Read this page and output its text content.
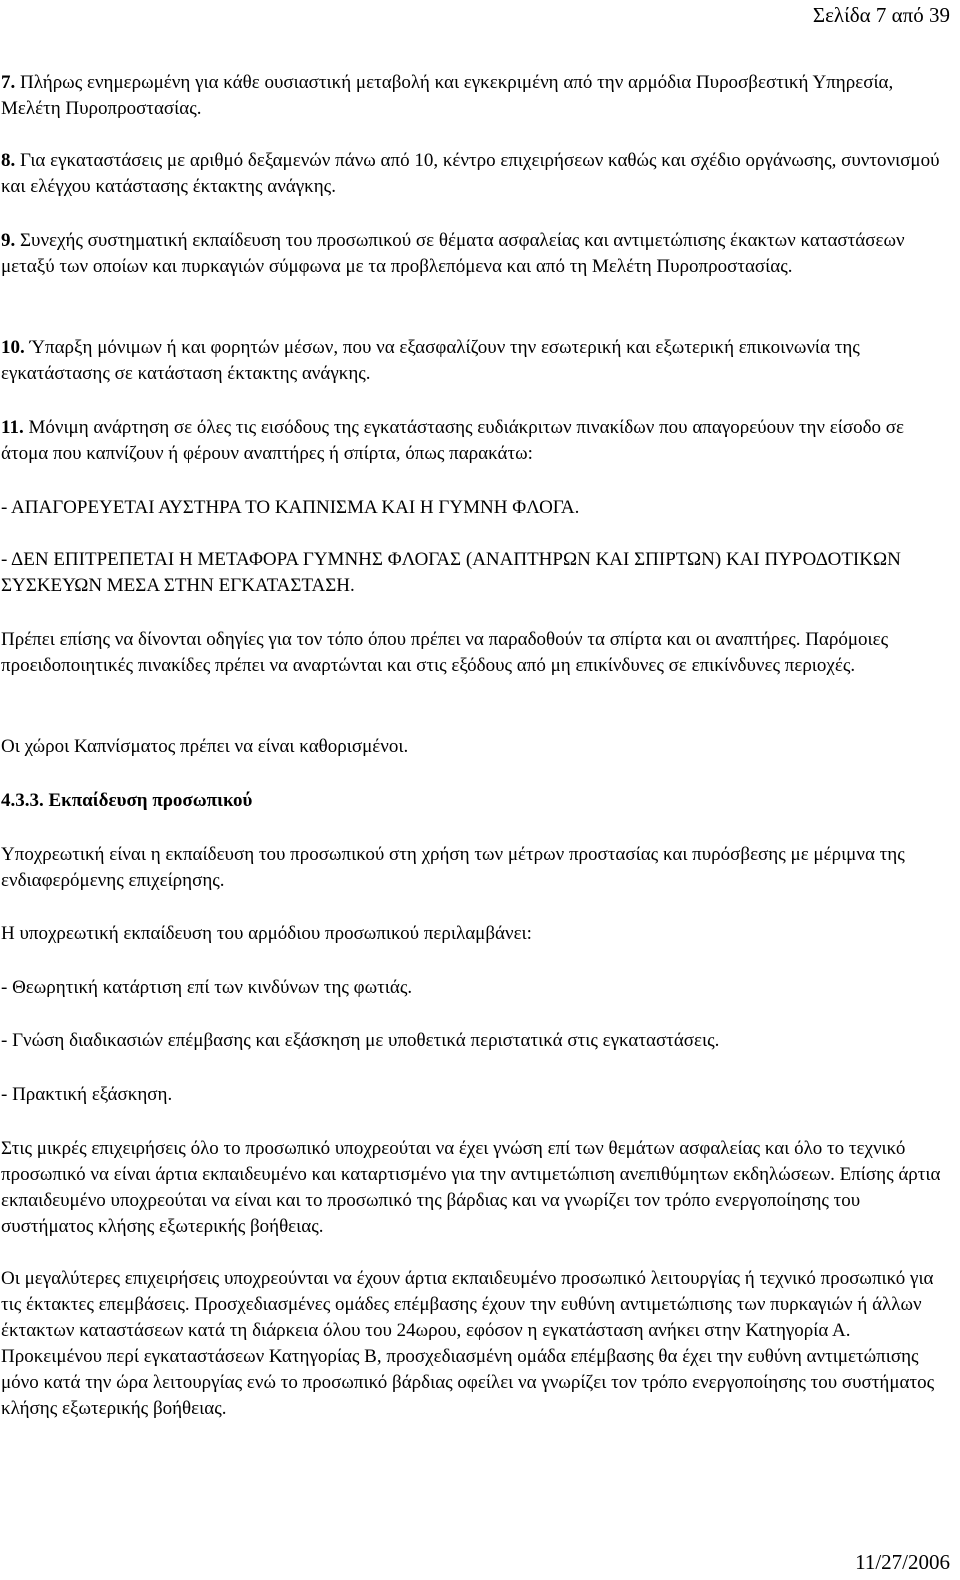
Σελίδα 7 από 39

7. Πλήρως ενημερωμένη για κάθε ουσιαστική μεταβολή και εγκεκριμένη από την αρμόδια Πυροσβεστική Υπηρεσία, Μελέτη Πυροπροστασίας.

8. Για εγκαταστάσεις με αριθμό δεξαμενών πάνω από 10, κέντρο επιχειρήσεων καθώς και σχέδιο οργάνωσης, συντονισμού και ελέγχου κατάστασης έκτακτης ανάγκης.

9. Συνεχής συστηματική εκπαίδευση του προσωπικού σε θέματα ασφαλείας και αντιμετώπισης έκακτων καταστάσεων μεταξύ των οποίων και πυρκαγιών σύμφωνα με τα προβλεπόμενα και από τη Μελέτη Πυροπροστασίας.

10. Ύπαρξη μόνιμων ή και φορητών μέσων, που να εξασφαλίζουν την εσωτερική και εξωτερική επικοινωνία της εγκατάστασης σε κατάσταση έκτακτης ανάγκης.

11. Μόνιμη ανάρτηση σε όλες τις εισόδους της εγκατάστασης ευδιάκριτων πινακίδων που απαγορεύουν την είσοδο σε άτομα που καπνίζουν ή φέρουν αναπτήρες ή σπίρτα, όπως παρακάτω:

- ΑΠΑΓΟΡΕΥΕΤΑΙ ΑΥΣΤΗΡΑ ΤΟ ΚΑΠΝΙΣΜΑ ΚΑΙ Η ΓΥΜΝΗ ΦΛΟΓΑ.

- ΔΕΝ ΕΠΙΤΡΕΠΕΤΑΙ Η ΜΕΤΑΦΟΡΑ ΓΥΜΝΗΣ ΦΛΟΓΑΣ (ΑΝΑΠΤΗΡΩΝ ΚΑΙ ΣΠΙΡΤΩΝ) ΚΑΙ ΠΥΡΟΔΟΤΙΚΩΝ ΣΥΣΚΕΥΩΝ ΜΕΣΑ ΣΤΗΝ ΕΓΚΑΤΑΣΤΑΣΗ.

Πρέπει επίσης να δίνονται οδηγίες για τον τόπο όπου πρέπει να παραδοθούν τα σπίρτα και οι αναπτήρες. Παρόμοιες προειδοποιητικές πινακίδες πρέπει να αναρτώνται και στις εξόδους από μη επικίνδυνες σε επικίνδυνες περιοχές.

Οι χώροι Καπνίσματος πρέπει να είναι καθορισμένοι.

4.3.3. Εκπαίδευση προσωπικού

Υποχρεωτική είναι η εκπαίδευση του προσωπικού στη χρήση των μέτρων προστασίας και πυρόσβεσης με μέριμνα της ενδιαφερόμενης επιχείρησης.

Η υποχρεωτική εκπαίδευση του αρμόδιου προσωπικού περιλαμβάνει:

- Θεωρητική κατάρτιση επί των κινδύνων της φωτιάς.

- Γνώση διαδικασιών επέμβασης και εξάσκηση με υποθετικά περιστατικά στις εγκαταστάσεις.

- Πρακτική εξάσκηση.

Στις μικρές επιχειρήσεις όλο το προσωπικό υποχρεούται να έχει γνώση επί των θεμάτων ασφαλείας και όλο το τεχνικό προσωπικό να είναι άρτια εκπαιδευμένο και καταρτισμένο για την αντιμετώπιση ανεπιθύμητων εκδηλώσεων. Επίσης άρτια εκπαιδευμένο υποχρεούται να είναι και το προσωπικό της βάρδιας και να γνωρίζει τον τρόπο ενεργοποίησης του συστήματος κλήσης εξωτερικής βοήθειας.

Οι μεγαλύτερες επιχειρήσεις υποχρεούνται να έχουν άρτια εκπαιδευμένο προσωπικό λειτουργίας ή τεχνικό προσωπικό για τις έκτακτες επεμβάσεις. Προσχεδιασμένες ομάδες επέμβασης έχουν την ευθύνη αντιμετώπισης των πυρκαγιών ή άλλων έκτακτων καταστάσεων κατά τη διάρκεια όλου του 24ωρου, εφόσον η εγκατάσταση ανήκει στην Κατηγορία Α. Προκειμένου περί εγκαταστάσεων Κατηγορίας Β, προσχεδιασμένη ομάδα επέμβασης θα έχει την ευθύνη αντιμετώπισης μόνο κατά την ώρα λειτουργίας ενώ το προσωπικό βάρδιας οφείλει να γνωρίζει τον τρόπο ενεργοποίησης του συστήματος κλήσης εξωτερικής βοήθειας.

11/27/2006
